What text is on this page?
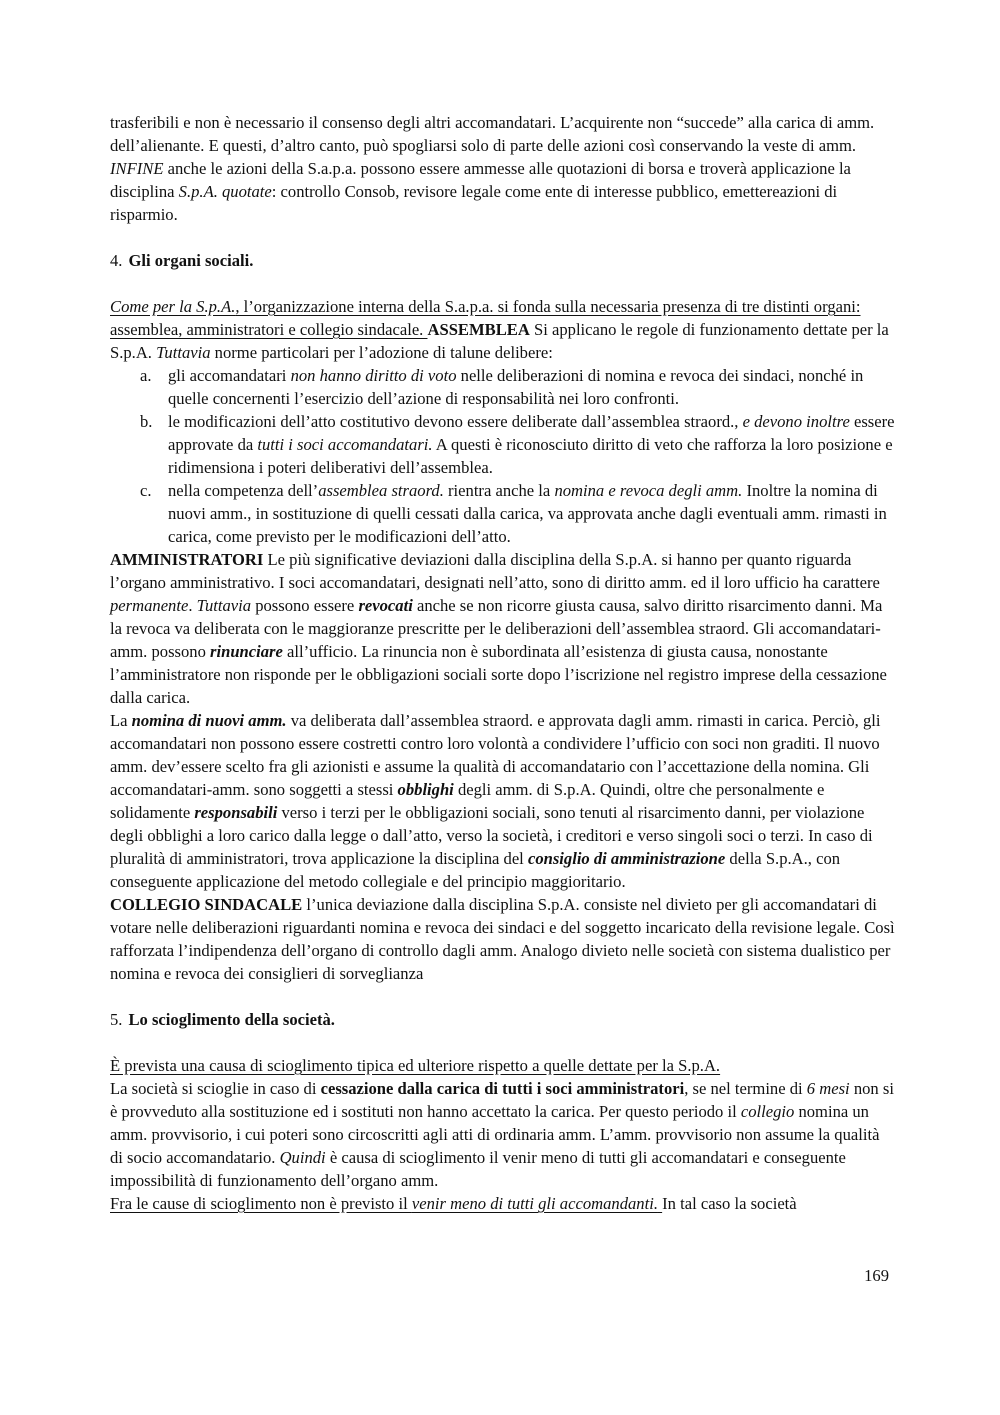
trasferibili e non è necessario il consenso degli altri accomandatari. L’acquirente non “succede” alla carica di amm. dell’alienante. E questi, d’altro canto, può spogliarsi solo di parte delle azioni così conservando la veste di amm.

INFINE anche le azioni della S.a.p.a. possono essere ammesse alle quotazioni di borsa e troverà applicazione la disciplina S.p.A. quotate: controllo Consob, revisore legale come ente di interesse pubblico, emettereazioni di risparmio.

4. Gli organi sociali.

Come per la S.p.A., l’organizzazione interna della S.a.p.a. si fonda sulla necessaria presenza di tre distinti organi: assemblea, amministratori e collegio sindacale. ASSEMBLEA Si applicano le regole di funzionamento dettate per la S.p.A. Tuttavia norme particolari per l’adozione di talune delibere:

a. gli accomandatari non hanno diritto di voto nelle deliberazioni di nomina e revoca dei sindaci, nonché in quelle concernenti l’esercizio dell’azione di responsabilità nei loro confronti.
b. le modificazioni dell’atto costitutivo devono essere deliberate dall’assemblea straord., e devono inoltre essere approvate da tutti i soci accomandatari. A questi è riconosciuto diritto di veto che rafforza la loro posizione e ridimensiona i poteri deliberativi dell’assemblea.
c. nella competenza dell’assemblea straord. rientra anche la nomina e revoca degli amm. Inoltre la nomina di nuovi amm., in sostituzione di quelli cessati dalla carica, va approvata anche dagli eventuali amm. rimasti in carica, come previsto per le modificazioni dell’atto.

AMMINISTRATORI Le più significative deviazioni dalla disciplina della S.p.A. si hanno per quanto riguarda l’organo amministrativo. I soci accomandatari, designati nell’atto, sono di diritto amm. ed il loro ufficio ha carattere permanente. Tuttavia possono essere revocati anche se non ricorre giusta causa, salvo diritto risarcimento danni. Ma la revoca va deliberata con le maggioranze prescritte per le deliberazioni dell’assemblea straord. Gli accomandatari-amm. possono rinunciare all’ufficio. La rinuncia non è subordinata all’esistenza di giusta causa, nonostante l’amministratore non risponde per le obbligazioni sociali sorte dopo l’iscrizione nel registro imprese della cessazione dalla carica.

La nomina di nuovi amm. va deliberata dall’assemblea straord. e approvata dagli amm. rimasti in carica. Perciò, gli accomandatari non possono essere costretti contro loro volontà a condividere l’ufficio con soci non graditi. Il nuovo amm. dev’essere scelto fra gli azionisti e assume la qualità di accomandatario con l’accettazione della nomina. Gli accomandatari-amm. sono soggetti a stessi obblighi degli amm. di S.p.A. Quindi, oltre che personalmente e solidamente responsabili verso i terzi per le obbligazioni sociali, sono tenuti al risarcimento danni, per violazione degli obblighi a loro carico dalla legge o dall’atto, verso la società, i creditori e verso singoli soci o terzi. In caso di pluralità di amministratori, trova applicazione la disciplina del consiglio di amministrazione della S.p.A., con conseguente applicazione del metodo collegiale e del principio maggioritario.

COLLEGIO SINDACALE l’unica deviazione dalla disciplina S.p.A. consiste nel divieto per gli accomandatari di votare nelle deliberazioni riguardanti nomina e revoca dei sindaci e del soggetto incaricato della revisione legale. Così rafforzata l’indipendenza dell’organo di controllo dagli amm. Analogo divieto nelle società con sistema dualistico per nomina e revoca dei consiglieri di sorveglianza

5. Lo scioglimento della società.

È prevista una causa di scioglimento tipica ed ulteriore rispetto a quelle dettate per la S.p.A.

La società si scioglie in caso di cessazione dalla carica di tutti i soci amministratori, se nel termine di 6 mesi non si è provveduto alla sostituzione ed i sostituti non hanno accettato la carica. Per questo periodo il collegio nomina un amm. provvisorio, i cui poteri sono circoscritti agli atti di ordinaria amm. L’amm. provvisorio non assume la qualità di socio accomandatario. Quindi è causa di scioglimento il venir meno di tutti gli accomandatari e conseguente impossibilità di funzionamento dell’organo amm.

Fra le cause di scioglimento non è previsto il venir meno di tutti gli accomandanti. In tal caso la società

169
